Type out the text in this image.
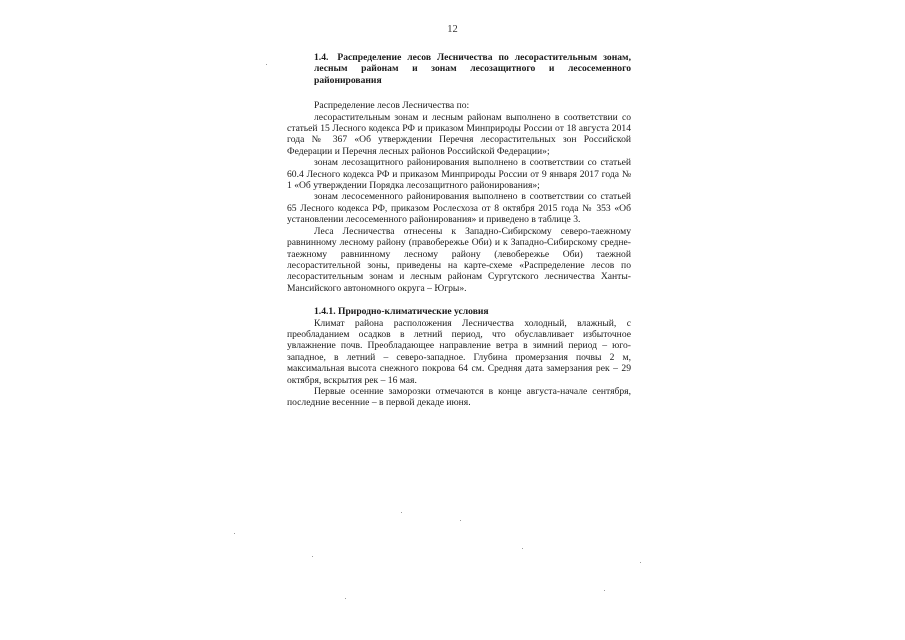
12

1.4. Распределение лесов Лесничества по лесорастительным зонам, лесным районам и зонам лесозащитного и лесосеменного районирования

Распределение лесов Лесничества по:

лесорастительным зонам и лесным районам выполнено в соответствии со статьей 15 Лесного кодекса РФ и приказом Минприроды России от 18 августа 2014 года № 367 «Об утверждении Перечня лесорастительных зон Российской Федерации и Перечня лесных районов Российской Федерации»;

зонам лесозащитного районирования выполнено в соответствии со статьей 60.4 Лесного кодекса РФ и приказом Минприроды России от 9 января 2017 года № 1 «Об утверждении Порядка лесозащитного районирования»;

зонам лесосеменного районирования выполнено в соответствии со статьей 65 Лесного кодекса РФ, приказом Рослесхоза от 8 октября 2015 года № 353 «Об установлении лесосеменного районирования» и приведено в таблице 3.

Леса Лесничества отнесены к Западно-Сибирскому северо-таежному равнинному лесному району (правобережье Оби) и к Западно-Сибирскому средне-таежному равнинному лесному району (левобережье Оби) таежной лесорастительной зоны, приведены на карте-схеме «Распределение лесов по лесорастительным зонам и лесным районам Сургутского лесничества Ханты-Мансийского автономного округа – Югры».

1.4.1. Природно-климатические условия

Климат района расположения Лесничества холодный, влажный, с преобладанием осадков в летний период, что обуславливает избыточное увлажнение почв. Преобладающее направление ветра в зимний период – юго-западное, в летний – северо-западное. Глубина промерзания почвы 2 м, максимальная высота снежного покрова 64 см. Средняя дата замерзания рек – 29 октября, вскрытия рек – 16 мая.

Первые осенние заморозки отмечаются в конце августа-начале сентября, последние весенние – в первой декаде июня.
